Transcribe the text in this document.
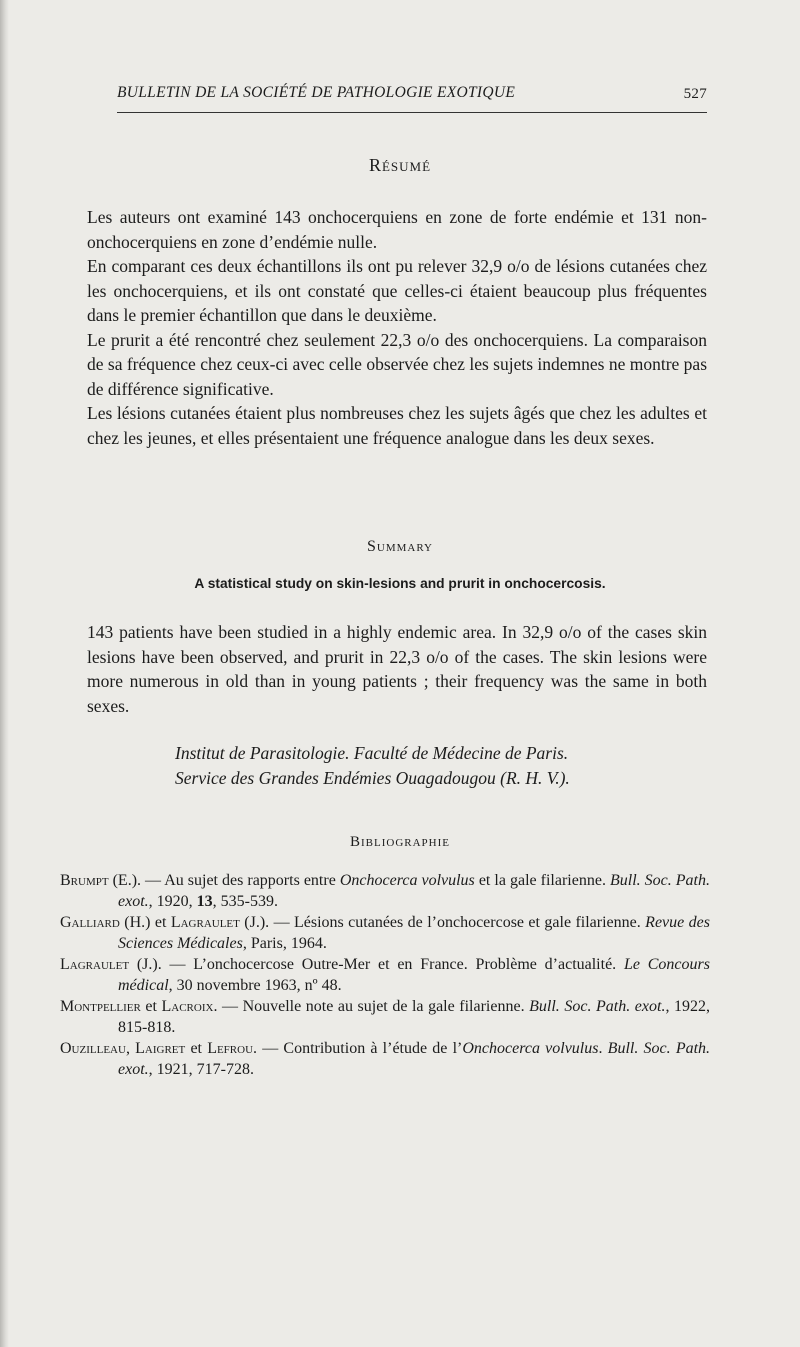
BULLETIN DE LA SOCIÉTÉ DE PATHOLOGIE EXOTIQUE	527
Résumé

Les auteurs ont examiné 143 onchocerquiens en zone de forte endémie et 131 non-onchocerquiens en zone d’endémie nulle.

En comparant ces deux échantillons ils ont pu relever 32,9 o/o de lésions cutanées chez les onchocerquiens, et ils ont constaté que celles-ci étaient beaucoup plus fréquentes dans le premier échantillon que dans le deuxième.

Le prurit a été rencontré chez seulement 22,3 o/o des onchocerquiens. La comparaison de sa fréquence chez ceux-ci avec celle observée chez les sujets indemnes ne montre pas de différence significative.

Les lésions cutanées étaient plus nombreuses chez les sujets âgés que chez les adultes et chez les jeunes, et elles présentaient une fréquence analogue dans les deux sexes.

Summary
A statistical study on skin-lesions and prurit in onchocercosis.

143 patients have been studied in a highly endemic area. In 32,9 o/o of the cases skin lesions have been observed, and prurit in 22,3 o/o of the cases. The skin lesions were more numerous in old than in young patients ; their frequency was the same in both sexes.

Institut de Parasitologie. Faculté de Médecine de Paris.
Service des Grandes Endémies Ouagadougou (R. H. V.).
Bibliographie

Brumpt (E.). — Au sujet des rapports entre Onchocerca volvulus et la gale filarienne. Bull. Soc. Path. exot., 1920, 13, 535-539.

Galliard (H.) et Lagraulet (J.). — Lésions cutanées de l’onchocercose et gale filarienne. Revue des Sciences Médicales, Paris, 1964.

Lagraulet (J.). — L’onchocercose Outre-Mer et en France. Problème d’actualité. Le Concours médical, 30 novembre 1963, nº 48.

Montpellier et Lacroix. — Nouvelle note au sujet de la gale filarienne. Bull. Soc. Path. exot., 1922, 815-818.

Ouzilleau, Laigret et Lefrou. — Contribution à l’étude de l’Onchocerca volvulus. Bull. Soc. Path. exot., 1921, 717-728.
